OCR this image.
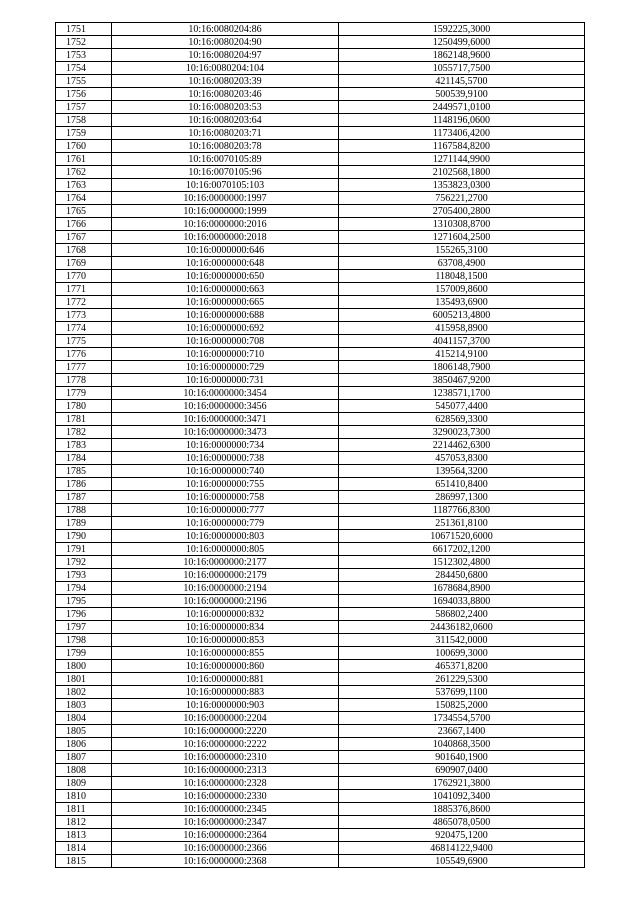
1751	10:16:0080204:86	1592225,3000
1752	10:16:0080204:90	1250499,6000
1753	10:16:0080204:97	1862148,9600
1754	10:16:0080204:104	1055717,7500
1755	10:16:0080203:39	421145,5700
1756	10:16:0080203:46	500539,9100
1757	10:16:0080203:53	2449571,0100
1758	10:16:0080203:64	1148196,0600
1759	10:16:0080203:71	1173406,4200
1760	10:16:0080203:78	1167584,8200
1761	10:16:0070105:89	1271144,9900
1762	10:16:0070105:96	2102568,1800
1763	10:16:0070105:103	1353823,0300
1764	10:16:0000000:1997	756221,2700
1765	10:16:0000000:1999	2705400,2800
1766	10:16:0000000:2016	1310308,8700
1767	10:16:0000000:2018	1271604,2500
1768	10:16:0000000:646	155265,3100
1769	10:16:0000000:648	63708,4900
1770	10:16:0000000:650	118048,1500
1771	10:16:0000000:663	157009,8600
1772	10:16:0000000:665	135493,6900
1773	10:16:0000000:688	6005213,4800
1774	10:16:0000000:692	415958,8900
1775	10:16:0000000:708	4041157,3700
1776	10:16:0000000:710	415214,9100
1777	10:16:0000000:729	1806148,7900
1778	10:16:0000000:731	3850467,9200
1779	10:16:0000000:3454	1238571,1700
1780	10:16:0000000:3456	545077,4400
1781	10:16:0000000:3471	628569,3300
1782	10:16:0000000:3473	3290023,7300
1783	10:16:0000000:734	2214462,6300
1784	10:16:0000000:738	457053,8300
1785	10:16:0000000:740	139564,3200
1786	10:16:0000000:755	651410,8400
1787	10:16:0000000:758	286997,1300
1788	10:16:0000000:777	1187766,8300
1789	10:16:0000000:779	251361,8100
1790	10:16:0000000:803	10671520,6000
1791	10:16:0000000:805	6617202,1200
1792	10:16:0000000:2177	1512302,4800
1793	10:16:0000000:2179	284450,6800
1794	10:16:0000000:2194	1678684,8900
1795	10:16:0000000:2196	1694033,8800
1796	10:16:0000000:832	586802,2400
1797	10:16:0000000:834	24436182,0600
1798	10:16:0000000:853	311542,0000
1799	10:16:0000000:855	100699,3000
1800	10:16:0000000:860	465371,8200
1801	10:16:0000000:881	261229,5300
1802	10:16:0000000:883	537699,1100
1803	10:16:0000000:903	150825,2000
1804	10:16:0000000:2204	1734554,5700
1805	10:16:0000000:2220	23667,1400
1806	10:16:0000000:2222	1040868,3500
1807	10:16:0000000:2310	901640,1900
1808	10:16:0000000:2313	690907,0400
1809	10:16:0000000:2328	1762921,3800
1810	10:16:0000000:2330	1041092,3400
1811	10:16:0000000:2345	1885376,8600
1812	10:16:0000000:2347	4865078,0500
1813	10:16:0000000:2364	920475,1200
1814	10:16:0000000:2366	46814122,9400
1815	10:16:0000000:2368	105549,6900
